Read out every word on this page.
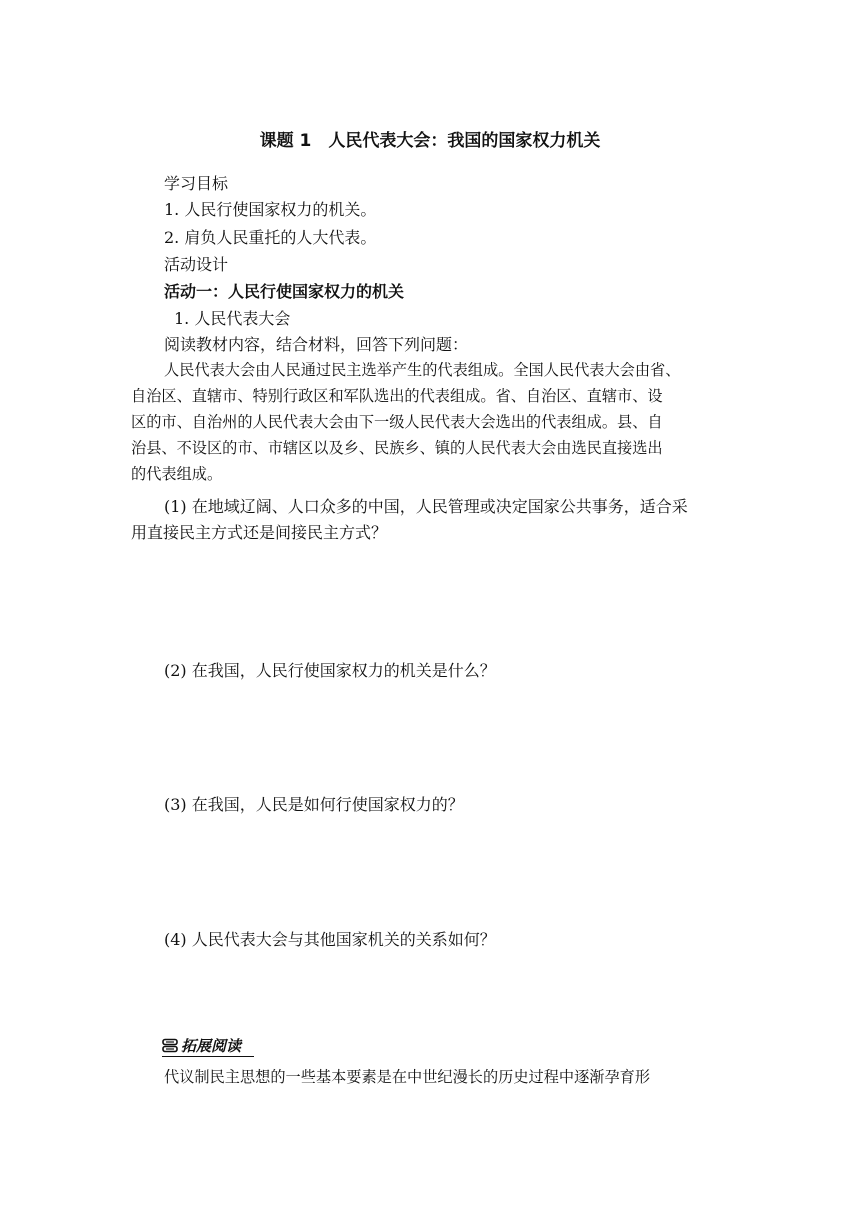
课题 1　人民代表大会：我国的国家权力机关
学习目标
1. 人民行使国家权力的机关。
2. 肩负人民重托的人大代表。
活动设计
活动一：人民行使国家权力的机关
1. 人民代表大会
阅读教材内容，结合材料，回答下列问题：
人民代表大会由人民通过民主选举产生的代表组成。全国人民代表大会由省、
自治区、直辖市、特别行政区和军队选出的代表组成。省、自治区、直辖市、设
区的市、自治州的人民代表大会由下一级人民代表大会选出的代表组成。县、自
治县、不设区的市、市辖区以及乡、民族乡、镇的人民代表大会由选民直接选出
的代表组成。
(1) 在地域辽阔、人口众多的中国，人民管理或决定国家公共事务，适合采
用直接民主方式还是间接民主方式？
(2) 在我国，人民行使国家权力的机关是什么？
(3) 在我国，人民是如何行使国家权力的？
(4) 人民代表大会与其他国家机关的关系如何？
拓展阅读
代议制民主思想的一些基本要素是在中世纪漫长的历史过程中逐渐孕育形
